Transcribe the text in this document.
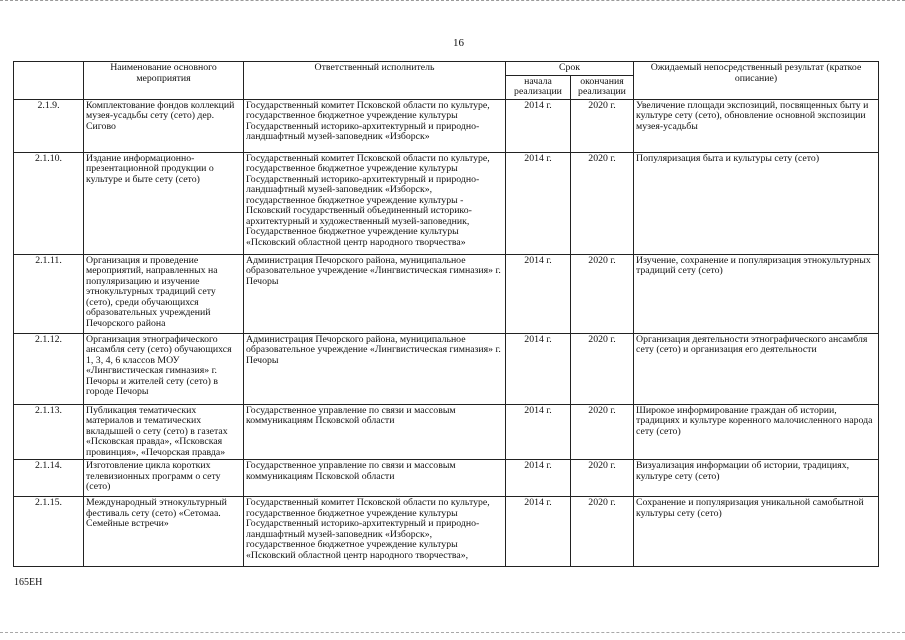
16
	Наименование основного мероприятия	Ответственный исполнитель	Срок		Ожидаемый непосредственный результат (краткое описание)
			начала реализации	окончания реализации	
2.1.9.	Комплектование фондов коллекций музея-усадьбы сету (сето) дер. Сигово	Государственный комитет Псковской области по культуре, государственное бюджетное учреждение культуры Государственный историко-архитектурный и природно-ландшафтный музей-заповедник «Изборск»	2014 г.	2020 г.	Увеличение площади экспозиций, посвященных быту и культуре сету (сето), обновление основной экспозиции музея-усадьбы
2.1.10.	Издание информационно-презентационной продукции о культуре и быте сету (сето)	Государственный комитет Псковской области по культуре, государственное бюджетное учреждение культуры Государственный историко-архитектурный и природно-ландшафтный музей-заповедник «Изборск», государственное бюджетное учреждение культуры - Псковский государственный объединенный историко-архитектурный и художественный музей-заповедник, Государственное бюджетное учреждение культуры «Псковский областной центр народного творчества»	2014 г.	2020 г.	Популяризация быта и культуры сету (сето)
2.1.11.	Организация и проведение мероприятий, направленных на популяризацию и изучение этнокультурных традиций сету (сето), среди обучающихся образовательных учреждений Печорского района	Администрация Печорского района, муниципальное образовательное учреждение «Лингвистическая гимназия» г. Печоры	2014 г.	2020 г.	Изучение, сохранение и популяризация этнокультурных традиций сету (сето)
2.1.12.	Организация этнографического ансамбля сету (сето) обучающихся 1, 3, 4, 6 классов МОУ «Лингвистическая гимназия» г. Печоры и жителей сету (сето) в городе Печоры	Администрация Печорского района, муниципальное образовательное учреждение «Лингвистическая гимназия» г. Печоры	2014 г.	2020 г.	Организация деятельности этнографического ансамбля сету (сето) и организация его деятельности
2.1.13.	Публикация тематических материалов и тематических вкладышей о сету (сето) в газетах «Псковская правда», «Псковская провинция», «Печорская правда»	Государственное управление по связи и массовым коммуникациям Псковской области	2014 г.	2020 г.	Широкое информирование граждан об истории, традициях и культуре коренного малочисленного народа сету (сето)
2.1.14.	Изготовление цикла коротких телевизионных программ о сету (сето)	Государственное управление по связи и массовым коммуникациям Псковской области	2014 г.	2020 г.	Визуализация информации об истории, традициях, культуре сету (сето)
2.1.15.	Международный этнокультурный фестиваль сету (сето) «Сетомаа. Семейные встречи»	Государственный комитет Псковской области по культуре, государственное бюджетное учреждение культуры Государственный историко-архитектурный и природно-ландшафтный музей-заповедник «Изборск», государственное бюджетное учреждение культуры «Псковский областной центр народного творчества»,	2014 г.	2020 г.	Сохранение и популяризация уникальной самобытной культуры сету (сето)
165ЕН
